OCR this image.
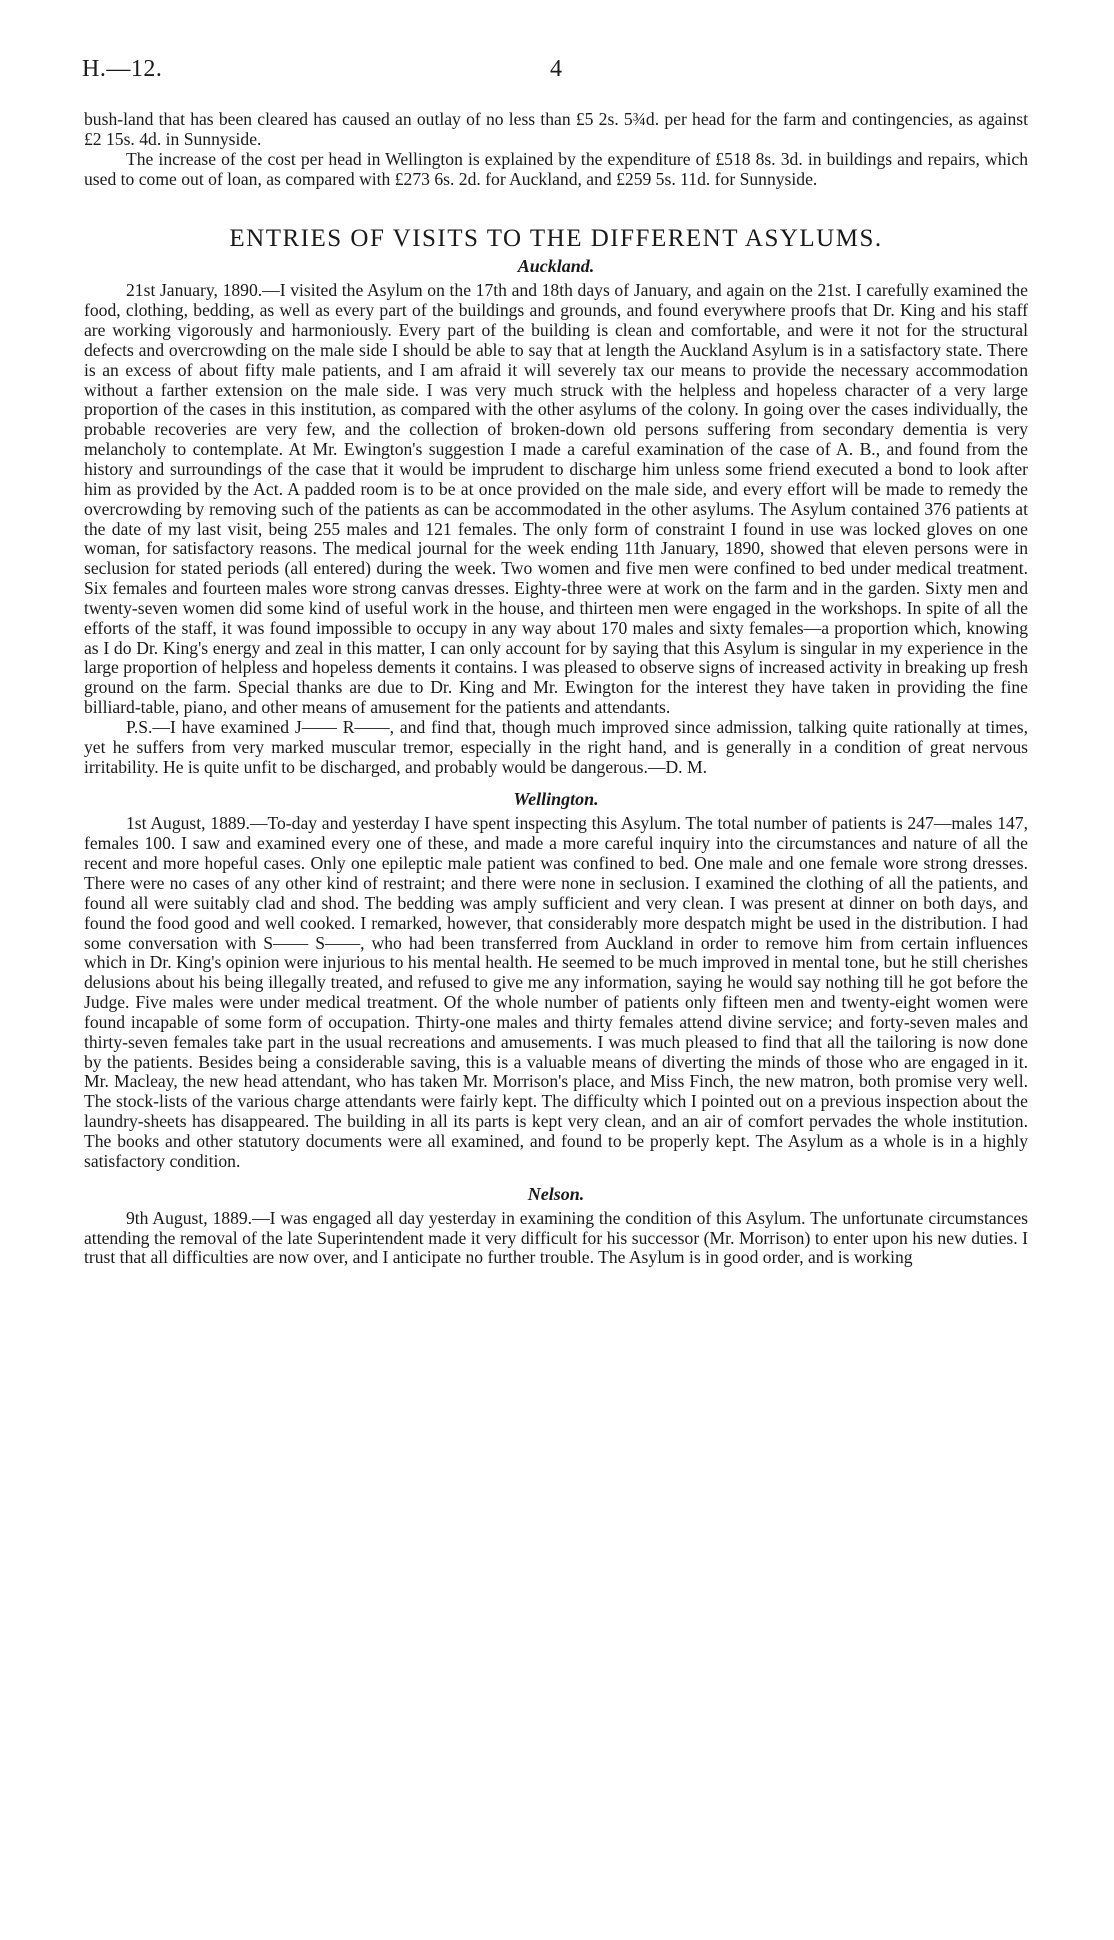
H.—12.	4

bush-land that has been cleared has caused an outlay of no less than £5 2s. 5¾d. per head for the farm and contingencies, as against £2 15s. 4d. in Sunnyside.

The increase of the cost per head in Wellington is explained by the expenditure of £518 8s. 3d. in buildings and repairs, which used to come out of loan, as compared with £273 6s. 2d. for Auckland, and £259 5s. 11d. for Sunnyside.

ENTRIES OF VISITS TO THE DIFFERENT ASYLUMS.
Auckland.

21st January, 1890.—I visited the Asylum on the 17th and 18th days of January, and again on the 21st. I carefully examined the food, clothing, bedding, as well as every part of the buildings and grounds, and found everywhere proofs that Dr. King and his staff are working vigorously and harmoniously. Every part of the building is clean and comfortable, and were it not for the structural defects and overcrowding on the male side I should be able to say that at length the Auckland Asylum is in a satisfactory state. There is an excess of about fifty male patients, and I am afraid it will severely tax our means to provide the necessary accommodation without a farther extension on the male side. I was very much struck with the helpless and hopeless character of a very large proportion of the cases in this institution, as compared with the other asylums of the colony. In going over the cases individually, the probable recoveries are very few, and the collection of broken-down old persons suffering from secondary dementia is very melancholy to contemplate. At Mr. Ewington's suggestion I made a careful examination of the case of A. B., and found from the history and surroundings of the case that it would be imprudent to discharge him unless some friend executed a bond to look after him as provided by the Act. A padded room is to be at once provided on the male side, and every effort will be made to remedy the overcrowding by removing such of the patients as can be accommodated in the other asylums. The Asylum contained 376 patients at the date of my last visit, being 255 males and 121 females. The only form of constraint I found in use was locked gloves on one woman, for satisfactory reasons. The medical journal for the week ending 11th January, 1890, showed that eleven persons were in seclusion for stated periods (all entered) during the week. Two women and five men were confined to bed under medical treatment. Six females and fourteen males wore strong canvas dresses. Eighty-three were at work on the farm and in the garden. Sixty men and twenty-seven women did some kind of useful work in the house, and thirteen men were engaged in the workshops. In spite of all the efforts of the staff, it was found impossible to occupy in any way about 170 males and sixty females—a proportion which, knowing as I do Dr. King's energy and zeal in this matter, I can only account for by saying that this Asylum is singular in my experience in the large proportion of helpless and hopeless dements it contains. I was pleased to observe signs of increased activity in breaking up fresh ground on the farm. Special thanks are due to Dr. King and Mr. Ewington for the interest they have taken in providing the fine billiard-table, piano, and other means of amusement for the patients and attendants.

P.S.—I have examined J—— R——, and find that, though much improved since admission, talking quite rationally at times, yet he suffers from very marked muscular tremor, especially in the right hand, and is generally in a condition of great nervous irritability. He is quite unfit to be discharged, and probably would be dangerous.—D. M.

Wellington.

1st August, 1889.—To-day and yesterday I have spent inspecting this Asylum. The total number of patients is 247—males 147, females 100. I saw and examined every one of these, and made a more careful inquiry into the circumstances and nature of all the recent and more hopeful cases. Only one epileptic male patient was confined to bed. One male and one female wore strong dresses. There were no cases of any other kind of restraint; and there were none in seclusion. I examined the clothing of all the patients, and found all were suitably clad and shod. The bedding was amply sufficient and very clean. I was present at dinner on both days, and found the food good and well cooked. I remarked, however, that considerably more despatch might be used in the distribution. I had some conversation with S—— S——, who had been transferred from Auckland in order to remove him from certain influences which in Dr. King's opinion were injurious to his mental health. He seemed to be much improved in mental tone, but he still cherishes delusions about his being illegally treated, and refused to give me any information, saying he would say nothing till he got before the Judge. Five males were under medical treatment. Of the whole number of patients only fifteen men and twenty-eight women were found incapable of some form of occupation. Thirty-one males and thirty females attend divine service; and forty-seven males and thirty-seven females take part in the usual recreations and amusements. I was much pleased to find that all the tailoring is now done by the patients. Besides being a considerable saving, this is a valuable means of diverting the minds of those who are engaged in it. Mr. Macleay, the new head attendant, who has taken Mr. Morrison's place, and Miss Finch, the new matron, both promise very well. The stock-lists of the various charge attendants were fairly kept. The difficulty which I pointed out on a previous inspection about the laundry-sheets has disappeared. The building in all its parts is kept very clean, and an air of comfort pervades the whole institution. The books and other statutory documents were all examined, and found to be properly kept. The Asylum as a whole is in a highly satisfactory condition.

Nelson.

9th August, 1889.—I was engaged all day yesterday in examining the condition of this Asylum. The unfortunate circumstances attending the removal of the late Superintendent made it very difficult for his successor (Mr. Morrison) to enter upon his new duties. I trust that all difficulties are now over, and I anticipate no further trouble. The Asylum is in good order, and is working
